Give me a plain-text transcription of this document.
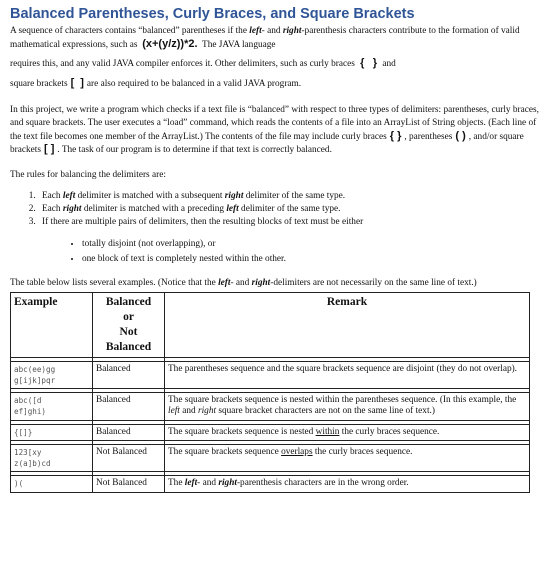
Balanced Parentheses, Curly Braces, and Square Brackets

A sequence of characters contains “balanced” parentheses if the left- and right-parenthesis characters contribute to the formation of valid mathematical expressions, such as (x+(y/z))*2. The JAVA language
requires this, and any valid JAVA compiler enforces it. Other delimiters, such as curly braces { } and
square brackets [ ] are also required to be balanced in a valid JAVA program.

In this project, we write a program which checks if a text file is “balanced” with respect to three types of delimiters: parentheses, curly braces, and square brackets. The user executes a “load” command, which reads the contents of a file into an ArrayList of String objects. (Each line of the text file becomes one member of the ArrayList.) The contents of the file may include curly braces { } , parentheses ( ) , and/or square brackets [ ] . The task of our program is to determine if that text is correctly balanced.

The rules for balancing the delimiters are:

1. Each left delimiter is matched with a subsequent right delimiter of the same type.
2. Each right delimiter is matched with a preceding left delimiter of the same type.
3. If there are multiple pairs of delimiters, then the resulting blocks of text must be either
• totally disjoint (not overlapping), or
• one block of text is completely nested within the other.

The table below lists several examples. (Notice that the left- and right-delimiters are not necessarily on the same line of text.)

Example	Balanced
or
Not
Balanced	Remark

abc(ee)gg
g[ijk]pqr	Balanced	The parentheses sequence and the square brackets sequence are disjoint (they do not overlap).

abc([d
ef]ghi)	Balanced	The square brackets sequence is nested within the parentheses sequence. (In this example, the left and right square bracket characters are not on the same line of text.)

{[]}	Balanced	The square brackets sequence is nested within the curly braces sequence.

123[xy
z(a]b)cd	Not Balanced	The square brackets sequence overlaps the curly braces sequence.

)(	Not Balanced	The left- and right-parenthesis characters are in the wrong order.
